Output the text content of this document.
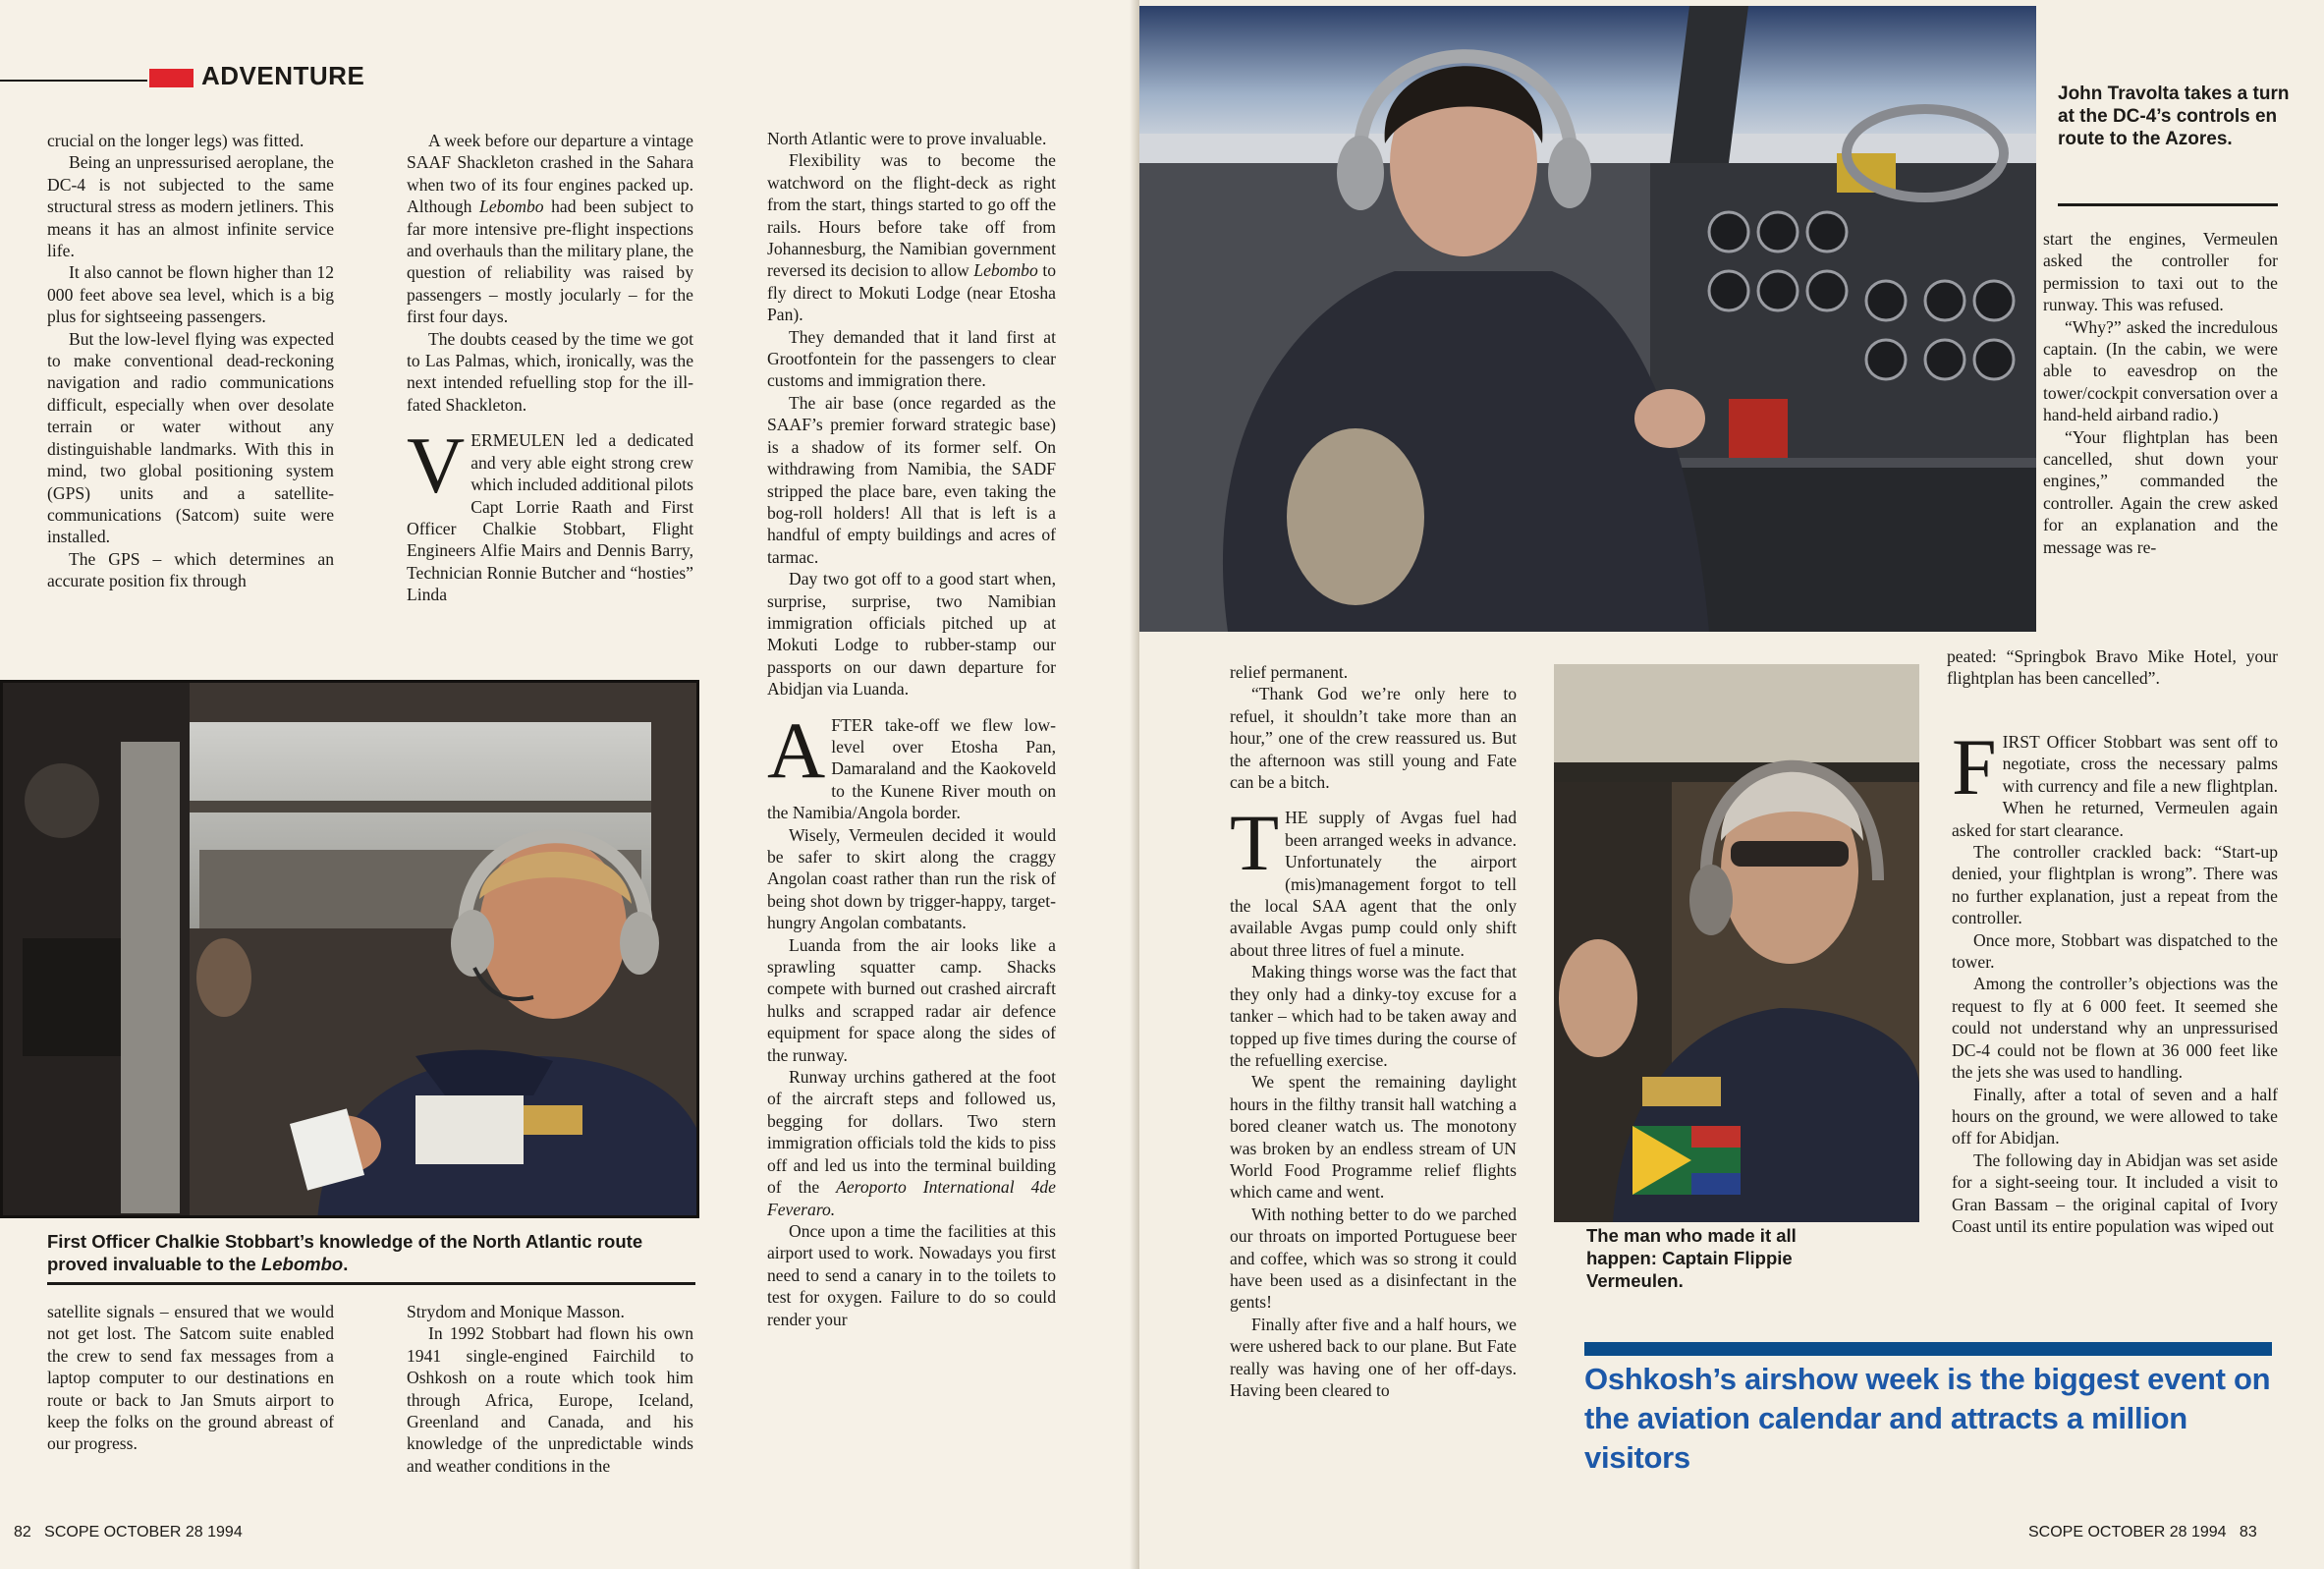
ADVENTURE

crucial on the longer legs) was fitted.

Being an unpressurised aeroplane, the DC-4 is not subjected to the same structural stress as modern jetliners. This means it has an almost infinite service life.

It also cannot be flown higher than 12 000 feet above sea level, which is a big plus for sightseeing passengers.

But the low-level flying was expected to make conventional dead-reckoning navigation and radio communications difficult, especially when over desolate terrain or water without any distinguishable landmarks. With this in mind, two global positioning system (GPS) units and a satellite-communications (Satcom) suite were installed.

The GPS – which determines an accurate position fix through

A week before our departure a vintage SAAF Shackleton crashed in the Sahara when two of its four engines packed up. Although Lebombo had been subject to far more intensive pre-flight inspections and overhauls than the military plane, the question of reliability was raised by passengers – mostly jocularly – for the first four days.

The doubts ceased by the time we got to Las Palmas, which, ironically, was the next intended refuelling stop for the ill-fated Shackleton.

VERMEULEN led a dedicated and very able eight strong crew which included additional pilots Capt Lorrie Raath and First Officer Chalkie Stobbart, Flight Engineers Alfie Mairs and Dennis Barry, Technician Ronnie Butcher and “hosties” Linda

North Atlantic were to prove invaluable.

Flexibility was to become the watchword on the flight-deck as right from the start, things started to go off the rails. Hours before take off from Johannesburg, the Namibian government reversed its decision to allow Lebombo to fly direct to Mokuti Lodge (near Etosha Pan).

They demanded that it land first at Grootfontein for the passengers to clear customs and immigration there.

The air base (once regarded as the SAAF’s premier forward strategic base) is a shadow of its former self. On withdrawing from Namibia, the SADF stripped the place bare, even taking the bog-roll holders! All that is left is a handful of empty buildings and acres of tarmac.

Day two got off to a good start when, surprise, surprise, two Namibian immigration officials pitched up at Mokuti Lodge to rubber-stamp our passports on our dawn departure for Abidjan via Luanda.

AFTER take-off we flew low-level over Etosha Pan, Damaraland and the Kaokoveld to the Kunene River mouth on the Namibia/Angola border.

Wisely, Vermeulen decided it would be safer to skirt along the craggy Angolan coast rather than run the risk of being shot down by trigger-happy, target-hungry Angolan combatants.

Luanda from the air looks like a sprawling squatter camp. Shacks compete with burned out crashed aircraft hulks and scrapped radar air defence equipment for space along the sides of the runway.

Runway urchins gathered at the foot of the aircraft steps and followed us, begging for dollars. Two stern immigration officials told the kids to piss off and led us into the terminal building of the Aeroporto International 4de Feveraro.

Once upon a time the facilities at this airport used to work. Nowadays you first need to send a canary in to the toilets to test for oxygen. Failure to do so could render your

First Officer Chalkie Stobbart’s knowledge of the North Atlantic route proved invaluable to the Lebombo.

satellite signals – ensured that we would not get lost. The Satcom suite enabled the crew to send fax messages from a laptop computer to our destinations en route or back to Jan Smuts airport to keep the folks on the ground abreast of our progress.

Strydom and Monique Masson.

In 1992 Stobbart had flown his own 1941 single-engined Fairchild to Oshkosh on a route which took him through Africa, Europe, Iceland, Greenland and Canada, and his knowledge of the unpredictable winds and weather conditions in the

82 SCOPE OCTOBER 28 1994
John Travolta takes a turn at the DC-4’s controls en route to the Azores.

start the engines, Vermeulen asked the controller for permission to taxi out to the runway. This was refused.

“Why?” asked the incredulous captain. (In the cabin, we were able to eavesdrop on the tower/cockpit conversation over a hand-held airband radio.)

“Your flightplan has been cancelled, shut down your engines,” commanded the controller. Again the crew asked for an explanation and the message was re-

peated: “Springbok Bravo Mike Hotel, your flightplan has been cancelled”.

relief permanent.

“Thank God we’re only here to refuel, it shouldn’t take more than an hour,” one of the crew reassured us. But the afternoon was still young and Fate can be a bitch.

THE supply of Avgas fuel had been arranged weeks in advance. Unfortunately the airport (mis)management forgot to tell the local SAA agent that the only available Avgas pump could only shift about three litres of fuel a minute.

Making things worse was the fact that they only had a dinky-toy excuse for a tanker – which had to be taken away and topped up five times during the course of the refuelling exercise.

We spent the remaining daylight hours in the filthy transit hall watching a bored cleaner watch us. The monotony was broken by an endless stream of UN World Food Programme relief flights which came and went.

With nothing better to do we parched our throats on imported Portuguese beer and coffee, which was so strong it could have been used as a disinfectant in the gents!

Finally after five and a half hours, we were ushered back to our plane. But Fate really was having one of her off-days. Having been cleared to

The man who made it all happen: Captain Flippie Vermeulen.

FIRST Officer Stobbart was sent off to negotiate, cross the necessary palms with currency and file a new flightplan. When he returned, Vermeulen again asked for start clearance.

The controller crackled back: “Start-up denied, your flightplan is wrong”. There was no further explanation, just a repeat from the controller.

Once more, Stobbart was dispatched to the tower.

Among the controller’s objections was the request to fly at 6 000 feet. It seemed she could not understand why an unpressurised DC-4 could not be flown at 36 000 feet like the jets she was used to handling.

Finally, after a total of seven and a half hours on the ground, we were allowed to take off for Abidjan.

The following day in Abidjan was set aside for a sight-seeing tour. It included a visit to Gran Bassam – the original capital of Ivory Coast until its entire population was wiped out

Oshkosh’s airshow week is the biggest event on the aviation calendar and attracts a million visitors
SCOPE OCTOBER 28 1994 83
